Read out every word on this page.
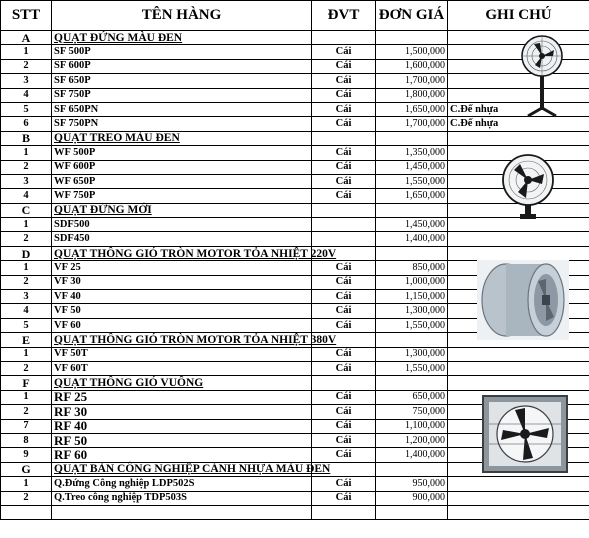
STT	TÊN HÀNG	ĐVT	ĐƠN GIÁ	GHI CHÚ
A	QUẠT ĐỨNG MÀU ĐEN			
1	SF 500P	Cái	1,500,000	
2	SF 600P	Cái	1,600,000	
3	SF 650P	Cái	1,700,000	
4	SF 750P	Cái	1,800,000	
5	SF 650PN	Cái	1,650,000	C.Đế nhựa
6	SF 750PN	Cái	1,700,000	C.Đế nhựa
B	QUẠT TREO MÀU ĐEN			
1	WF 500P	Cái	1,350,000	
2	WF 600P	Cái	1,450,000	
3	WF 650P	Cái	1,550,000	
4	WF 750P	Cái	1,650,000	
C	QUẠT ĐỨNG MỚI			
1	SDF500		1,450,000	
2	SDF450		1,400,000	
D	QUẠT THÔNG GIÓ TRÒN MOTOR TỎA NHIỆT 220V			
1	VF 25	Cái	850,000	
2	VF 30	Cái	1,000,000	
3	VF 40	Cái	1,150,000	
4	VF 50	Cái	1,300,000	
5	VF 60	Cái	1,550,000	
E	QUẠT THÔNG GIÓ TRÒN MOTOR TỎA NHIỆT 380V			
1	VF 50T	Cái	1,300,000	
2	VF 60T	Cái	1,550,000	
F	QUẠT THÔNG GIÓ VUÔNG			
1	RF 25	Cái	650,000	
2	RF 30	Cái	750,000	
7	RF 40	Cái	1,100,000	
8	RF 50	Cái	1,200,000	
9	RF 60	Cái	1,400,000	
G	QUẠT BÀN CÔNG NGHIỆP CÁNH NHỰA MÀU ĐEN			
1	Q.Đứng Công nghiệp LDP502S	Cái	950,000	
2	Q.Treo công nghiệp TDP503S	Cái	900,000	
